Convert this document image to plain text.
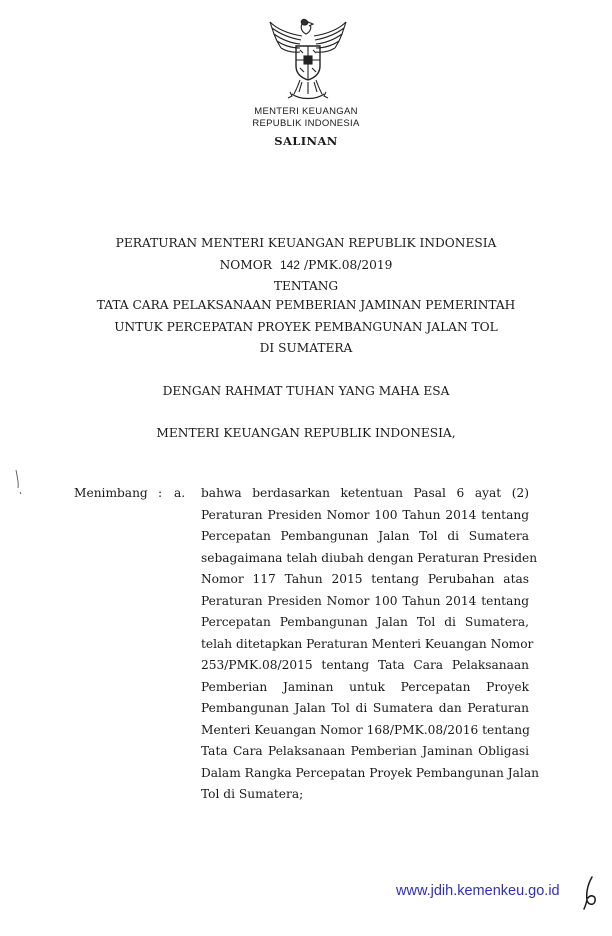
MENTERI KEUANGAN
REPUBLIK INDONESIA
SALINAN
PERATURAN MENTERI KEUANGAN REPUBLIK INDONESIA
NOMOR 142 /PMK.08/2019
TENTANG
TATA CARA PELAKSANAAN PEMBERIAN JAMINAN PEMERINTAH
UNTUK PERCEPATAN PROYEK PEMBANGUNAN JALAN TOL
DI SUMATERA
DENGAN RAHMAT TUHAN YANG MAHA ESA
MENTERI KEUANGAN REPUBLIK INDONESIA,
Menimbang : a. bahwa berdasarkan ketentuan Pasal 6 ayat (2)
Peraturan Presiden Nomor 100 Tahun 2014 tentang
Percepatan Pembangunan Jalan Tol di Sumatera
sebagaimana telah diubah dengan Peraturan Presiden
Nomor 117 Tahun 2015 tentang Perubahan atas
Peraturan Presiden Nomor 100 Tahun 2014 tentang
Percepatan Pembangunan Jalan Tol di Sumatera,
telah ditetapkan Peraturan Menteri Keuangan Nomor
253/PMK.08/2015 tentang Tata Cara Pelaksanaan
Pemberian Jaminan untuk Percepatan Proyek
Pembangunan Jalan Tol di Sumatera dan Peraturan
Menteri Keuangan Nomor 168/PMK.08/2016 tentang
Tata Cara Pelaksanaan Pemberian Jaminan Obligasi
Dalam Rangka Percepatan Proyek Pembangunan Jalan
Tol di Sumatera;
www.jdih.kemenkeu.go.id
